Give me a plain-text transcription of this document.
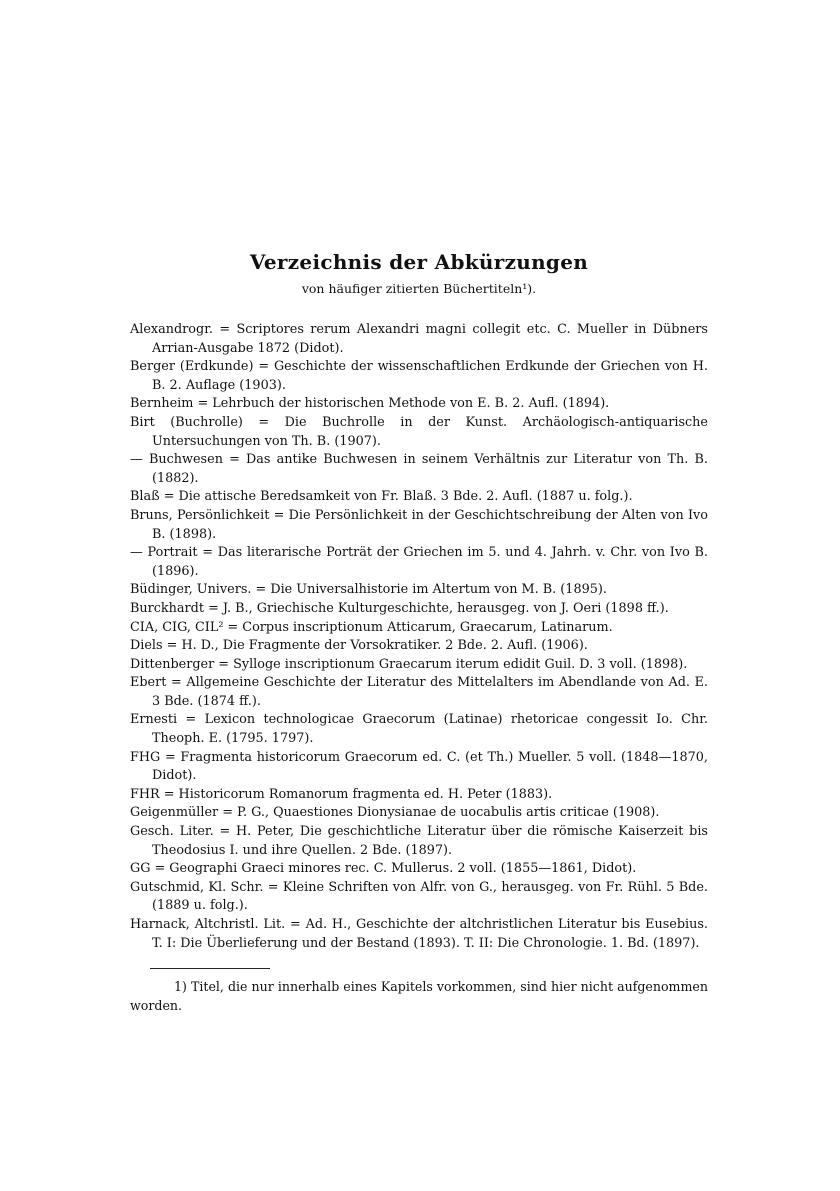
Verzeichnis der Abkürzungen
von häufiger zitierten Büchertiteln¹).

Alexandrogr. = Scriptores rerum Alexandri magni collegit etc. C. Mueller in Dübners Arrian-Ausgabe 1872 (Didot).

Berger (Erdkunde) = Geschichte der wissenschaftlichen Erdkunde der Griechen von H. B. 2. Auflage (1903).

Bernheim = Lehrbuch der historischen Methode von E. B. 2. Aufl. (1894).

Birt (Buchrolle) = Die Buchrolle in der Kunst. Archäologisch-antiquarische Untersuchungen von Th. B. (1907).

— Buchwesen = Das antike Buchwesen in seinem Verhältnis zur Literatur von Th. B. (1882).

Blaß = Die attische Beredsamkeit von Fr. Blaß. 3 Bde. 2. Aufl. (1887 u. folg.).

Bruns, Persönlichkeit = Die Persönlichkeit in der Geschichtschreibung der Alten von Ivo B. (1898).

— Portrait = Das literarische Porträt der Griechen im 5. und 4. Jahrh. v. Chr. von Ivo B. (1896).

Büdinger, Univers. = Die Universalhistorie im Altertum von M. B. (1895).

Burckhardt = J. B., Griechische Kulturgeschichte, herausgeg. von J. Oeri (1898 ff.).

CIA, CIG, CIL² = Corpus inscriptionum Atticarum, Graecarum, Latinarum.

Diels = H. D., Die Fragmente der Vorsokratiker. 2 Bde. 2. Aufl. (1906).

Dittenberger = Sylloge inscriptionum Graecarum iterum edidit Guil. D. 3 voll. (1898).

Ebert = Allgemeine Geschichte der Literatur des Mittelalters im Abendlande von Ad. E. 3 Bde. (1874 ff.).

Ernesti = Lexicon technologicae Graecorum (Latinae) rhetoricae congessit Io. Chr. Theoph. E. (1795. 1797).

FHG = Fragmenta historicorum Graecorum ed. C. (et Th.) Mueller. 5 voll. (1848—1870, Didot).

FHR = Historicorum Romanorum fragmenta ed. H. Peter (1883).

Geigenmüller = P. G., Quaestiones Dionysianae de uocabulis artis criticae (1908).

Gesch. Liter. = H. Peter, Die geschichtliche Literatur über die römische Kaiserzeit bis Theodosius I. und ihre Quellen. 2 Bde. (1897).

GG = Geographi Graeci minores rec. C. Mullerus. 2 voll. (1855—1861, Didot).

Gutschmid, Kl. Schr. = Kleine Schriften von Alfr. von G., herausgeg. von Fr. Rühl. 5 Bde. (1889 u. folg.).

Harnack, Altchristl. Lit. = Ad. H., Geschichte der altchristlichen Literatur bis Eusebius. T. I: Die Überlieferung und der Bestand (1893). T. II: Die Chronologie. 1. Bd. (1897).

1) Titel, die nur innerhalb eines Kapitels vorkommen, sind hier nicht aufgenommen worden.
